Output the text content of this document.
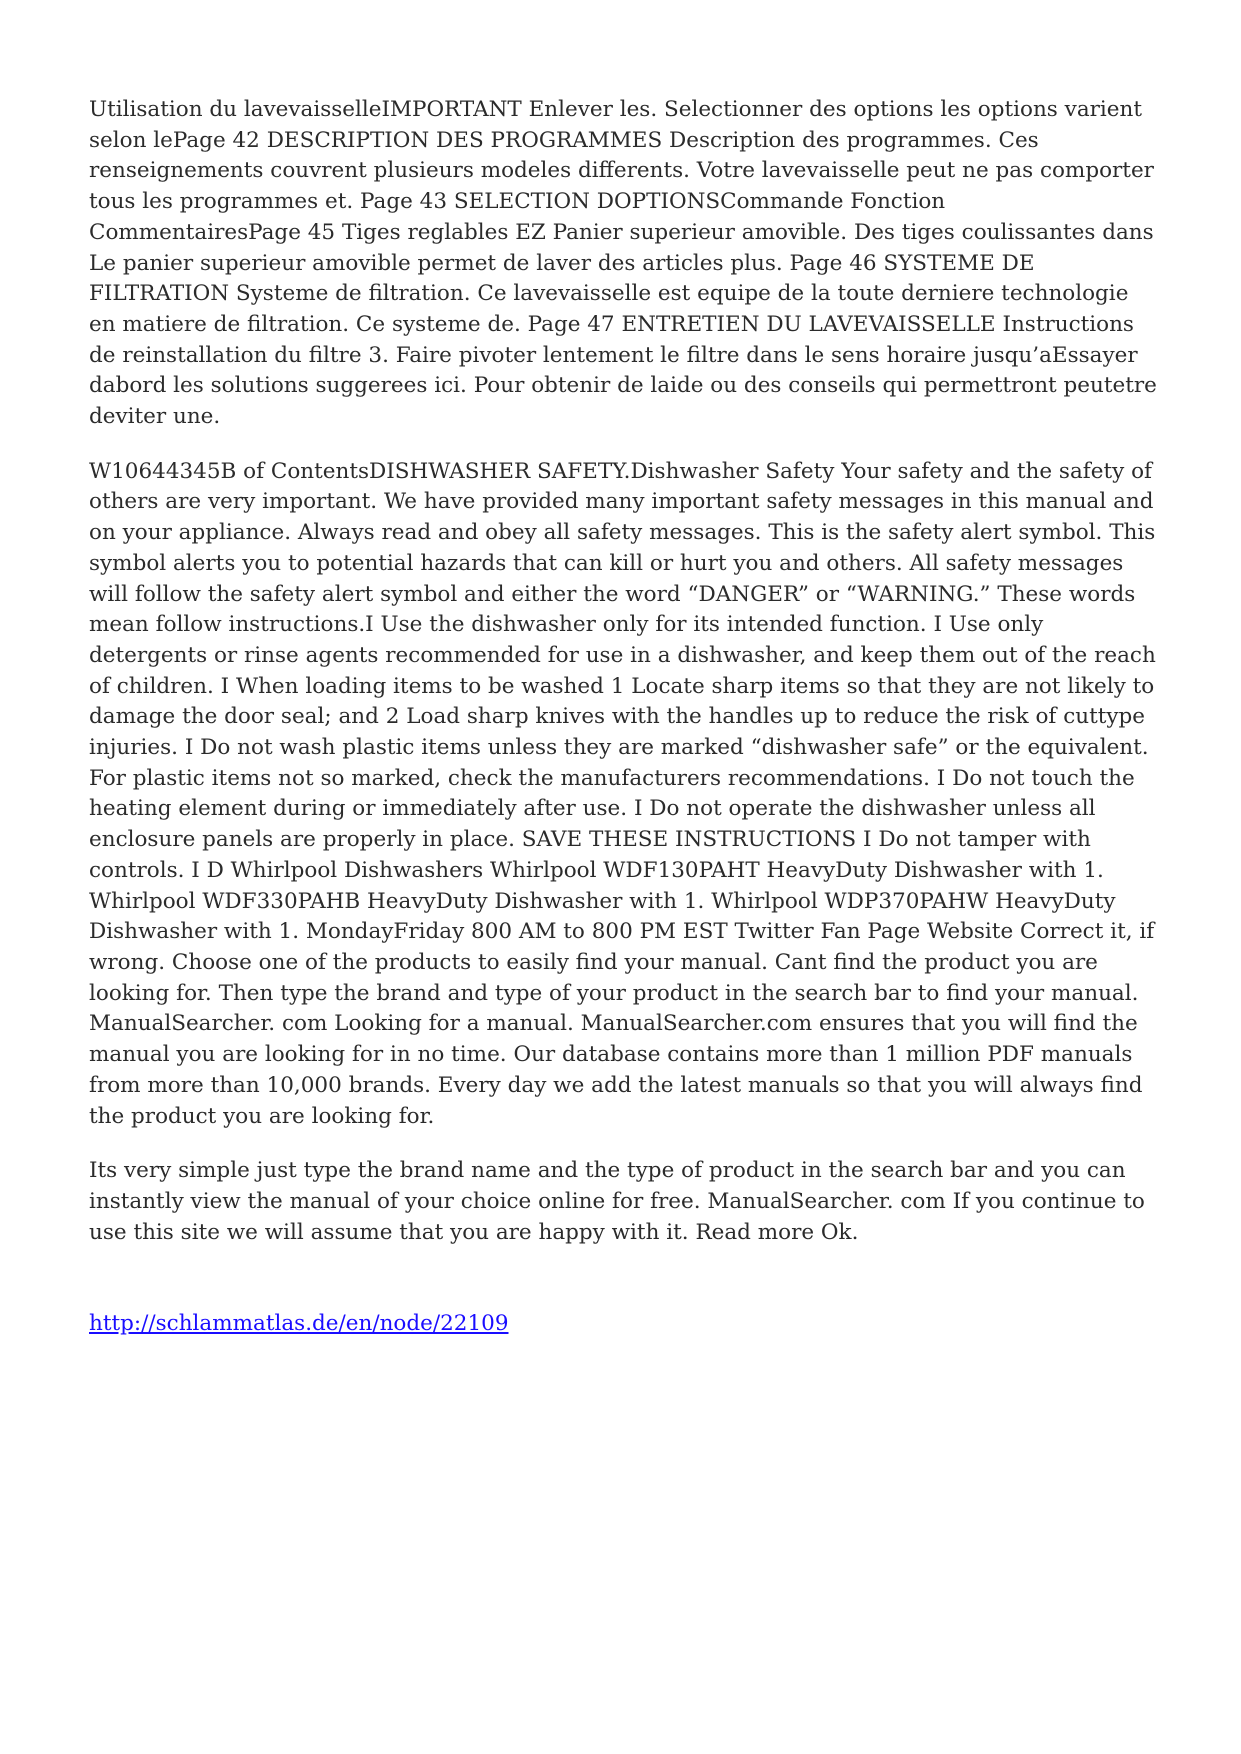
Utilisation du lavevaisselleIMPORTANT Enlever les. Selectionner des options les options varient selon lePage 42 DESCRIPTION DES PROGRAMMES Description des programmes. Ces renseignements couvrent plusieurs modeles differents. Votre lavevaisselle peut ne pas comporter tous les programmes et. Page 43 SELECTION DOPTIONSCommande Fonction CommentairesPage 45 Tiges reglables EZ Panier superieur amovible. Des tiges coulissantes dans Le panier superieur amovible permet de laver des articles plus. Page 46 SYSTEME DE FILTRATION Systeme de filtration. Ce lavevaisselle est equipe de la toute derniere technologie en matiere de filtration. Ce systeme de. Page 47 ENTRETIEN DU LAVEVAISSELLE Instructions de reinstallation du filtre 3. Faire pivoter lentement le filtre dans le sens horaire jusqu’aEssayer dabord les solutions suggerees ici. Pour obtenir de laide ou des conseils qui permettront peutetre deviter une.

W10644345B of ContentsDISHWASHER SAFETY.Dishwasher Safety Your safety and the safety of others are very important. We have provided many important safety messages in this manual and on your appliance. Always read and obey all safety messages. This is the safety alert symbol. This symbol alerts you to potential hazards that can kill or hurt you and others. All safety messages will follow the safety alert symbol and either the word “DANGER” or “WARNING.” These words mean follow instructions.I Use the dishwasher only for its intended function. I Use only detergents or rinse agents recommended for use in a dishwasher, and keep them out of the reach of children. I When loading items to be washed 1 Locate sharp items so that they are not likely to damage the door seal; and 2 Load sharp knives with the handles up to reduce the risk of cuttype injuries. I Do not wash plastic items unless they are marked “dishwasher safe” or the equivalent. For plastic items not so marked, check the manufacturers recommendations. I Do not touch the heating element during or immediately after use. I Do not operate the dishwasher unless all enclosure panels are properly in place. SAVE THESE INSTRUCTIONS I Do not tamper with controls. I D Whirlpool Dishwashers Whirlpool WDF130PAHT HeavyDuty Dishwasher with 1. Whirlpool WDF330PAHB HeavyDuty Dishwasher with 1. Whirlpool WDP370PAHW HeavyDuty Dishwasher with 1. MondayFriday 800 AM to 800 PM EST Twitter Fan Page Website Correct it, if wrong. Choose one of the products to easily find your manual. Cant find the product you are looking for. Then type the brand and type of your product in the search bar to find your manual. ManualSearcher. com Looking for a manual. ManualSearcher.com ensures that you will find the manual you are looking for in no time. Our database contains more than 1 million PDF manuals from more than 10,000 brands. Every day we add the latest manuals so that you will always find the product you are looking for.

Its very simple just type the brand name and the type of product in the search bar and you can instantly view the manual of your choice online for free. ManualSearcher. com If you continue to use this site we will assume that you are happy with it. Read more Ok.

http://schlammatlas.de/en/node/22109
